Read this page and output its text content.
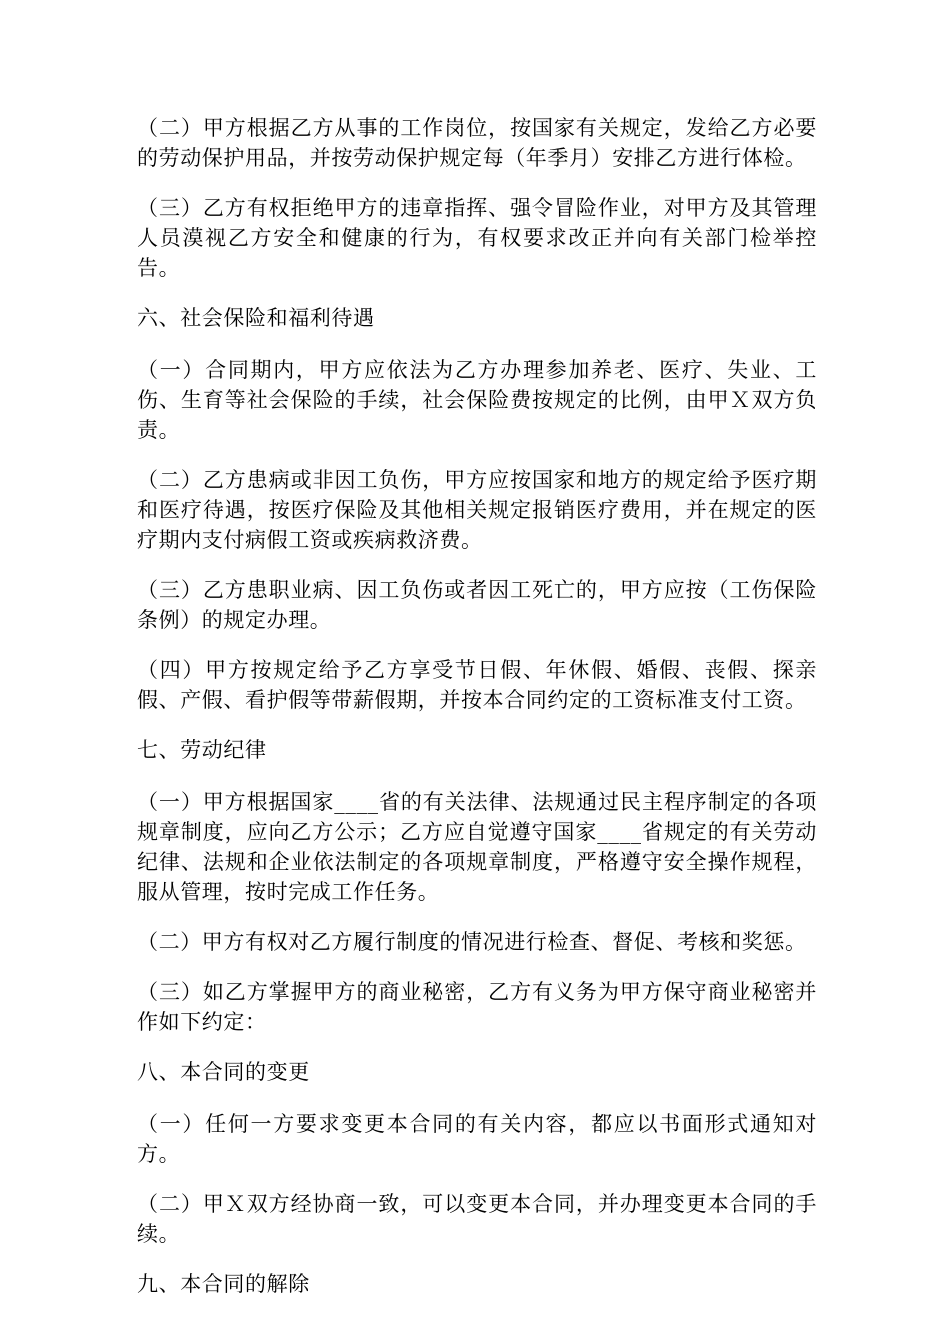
（二）甲方根据乙方从事的工作岗位，按国家有关规定，发给乙方必要的劳动保护用品，并按劳动保护规定每（年季月）安排乙方进行体检。

（三）乙方有权拒绝甲方的违章指挥、强令冒险作业，对甲方及其管理人员漠视乙方安全和健康的行为，有权要求改正并向有关部门检举控告。

六、社会保险和福利待遇

（一）合同期内，甲方应依法为乙方办理参加养老、医疗、失业、工伤、生育等社会保险的手续，社会保险费按规定的比例，由甲Ｘ双方负责。

（二）乙方患病或非因工负伤，甲方应按国家和地方的规定给予医疗期和医疗待遇，按医疗保险及其他相关规定报销医疗费用，并在规定的医疗期内支付病假工资或疾病救济费。

（三）乙方患职业病、因工负伤或者因工死亡的，甲方应按（工伤保险条例）的规定办理。

（四）甲方按规定给予乙方享受节日假、年休假、婚假、丧假、探亲假、产假、看护假等带薪假期，并按本合同约定的工资标准支付工资。

七、劳动纪律

（一）甲方根据国家____省的有关法律、法规通过民主程序制定的各项规章制度，应向乙方公示；乙方应自觉遵守国家____省规定的有关劳动纪律、法规和企业依法制定的各项规章制度，严格遵守安全操作规程，服从管理，按时完成工作任务。

（二）甲方有权对乙方履行制度的情况进行检查、督促、考核和奖惩。

（三）如乙方掌握甲方的商业秘密，乙方有义务为甲方保守商业秘密并作如下约定：

八、本合同的变更

（一）任何一方要求变更本合同的有关内容，都应以书面形式通知对方。

（二）甲Ｘ双方经协商一致，可以变更本合同，并办理变更本合同的手续。

九、本合同的解除
